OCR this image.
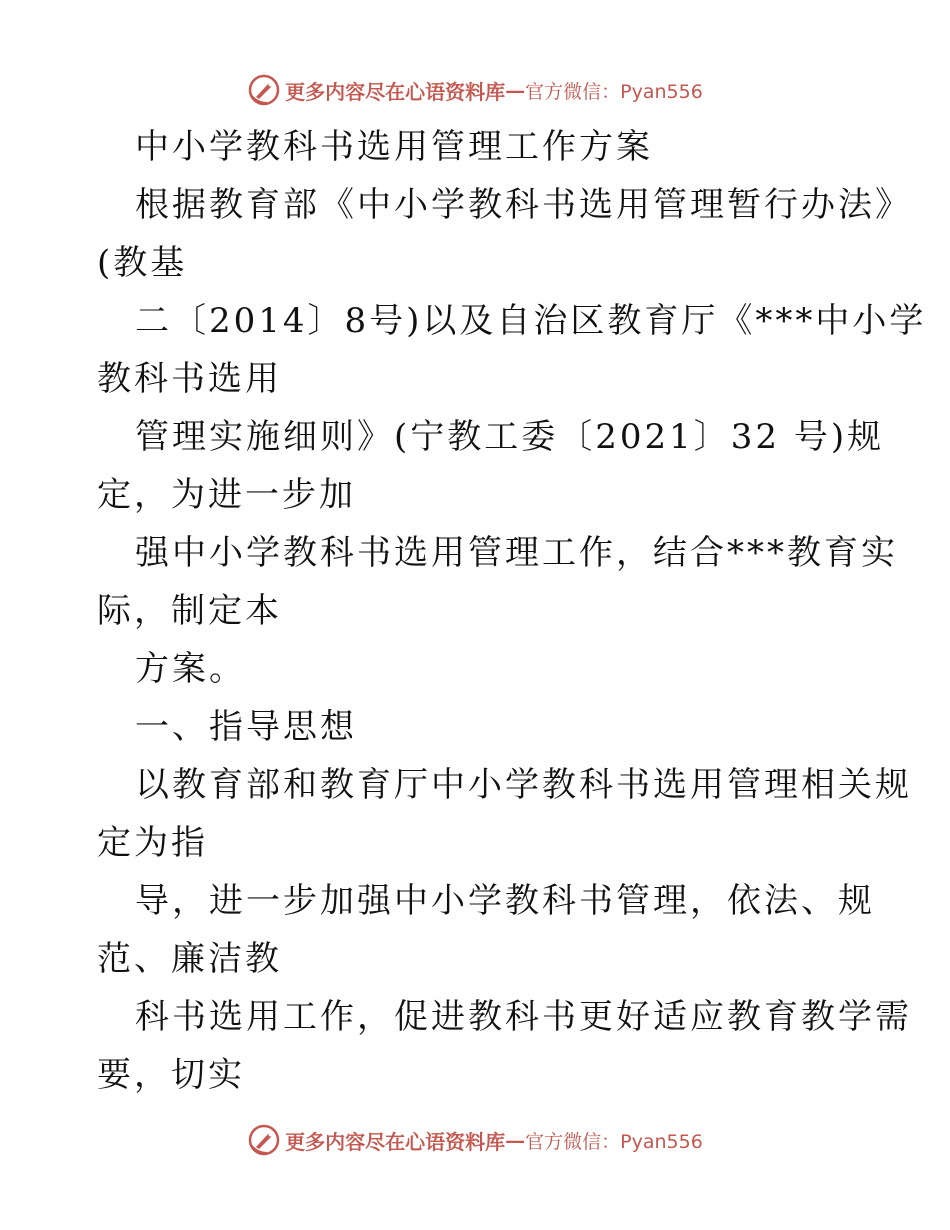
更多内容尽在心语资料库 — 官方微信：Pyan556
中小学教科书选用管理工作方案
根据教育部《中小学教科书选用管理暂行办法》
(教基
二〔2014〕8号)以及自治区教育厅《***中小学
教科书选用
管理实施细则》(宁教工委〔2021〕32 号)规
定，为进一步加
强中小学教科书选用管理工作，结合***教育实
际，制定本
方案。
一、指导思想
以教育部和教育厅中小学教科书选用管理相关规
定为指
导，进一步加强中小学教科书管理，依法、规
范、廉洁教
科书选用工作，促进教科书更好适应教育教学需
要，切实
更多内容尽在心语资料库 — 官方微信：Pyan556
